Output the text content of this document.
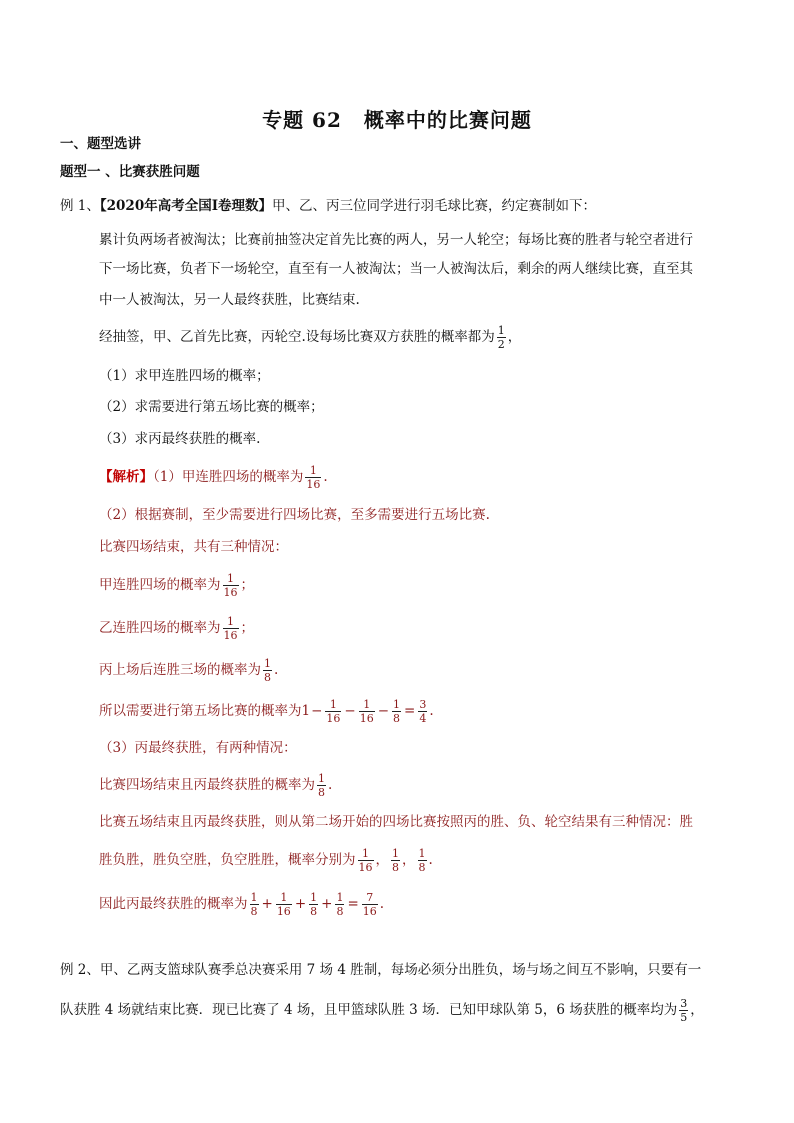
专题 62 概率中的比赛问题
一、题型选讲
题型一 、比赛获胜问题
例 1、【2020年高考全国Ⅰ卷理数】甲、乙、丙三位同学进行羽毛球比赛，约定赛制如下：
累计负两场者被淘汰；比赛前抽签决定首先比赛的两人，另一人轮空；每场比赛的胜者与轮空者进行
下一场比赛，负者下一场轮空，直至有一人被淘汰；当一人被淘汰后，剩余的两人继续比赛，直至其
中一人被淘汰，另一人最终获胜，比赛结束.
经抽签，甲、乙首先比赛，丙轮空.设每场比赛双方获胜的概率都为 $\frac{1}{2}$ ，
（1）求甲连胜四场的概率；
（2）求需要进行第五场比赛的概率；
（3）求丙最终获胜的概率.
【解析】（1）甲连胜四场的概率为 $\frac{1}{16}$ .
（2）根据赛制，至少需要进行四场比赛，至多需要进行五场比赛.
比赛四场结束，共有三种情况：
甲连胜四场的概率为 $\frac{1}{16}$ ；
乙连胜四场的概率为 $\frac{1}{16}$ ；
丙上场后连胜三场的概率为 $\frac{1}{8}$ .
所以需要进行第五场比赛的概率为$1- \frac{1}{16} - \frac{1}{16} - \frac{1}{8} = \frac{3}{4}$ .
（3）丙最终获胜，有两种情况：
比赛四场结束且丙最终获胜的概率为 $\frac{1}{8}$ .
比赛五场结束且丙最终获胜，则从第二场开始的四场比赛按照丙的胜、负、轮空结果有三种情况：胜
胜负胜，胜负空胜，负空胜胜，概率分别为 $\frac{1}{16}$ ， $\frac{1}{8}$ ， $\frac{1}{8}$ .
因此丙最终获胜的概率为 $\frac{1}{8} + \frac{1}{16} + \frac{1}{8} + \frac{1}{8} = \frac{7}{16}$ .
例 2、甲、乙两支篮球队赛季总决赛采用 7 场 4 胜制，每场必须分出胜负，场与场之间互不影响，只要有一
队获胜 4 场就结束比赛．现已比赛了 4 场，且甲篮球队胜 3 场．已知甲球队第 5，6 场获胜的概率均为 $\frac{3}{5}$ ，
